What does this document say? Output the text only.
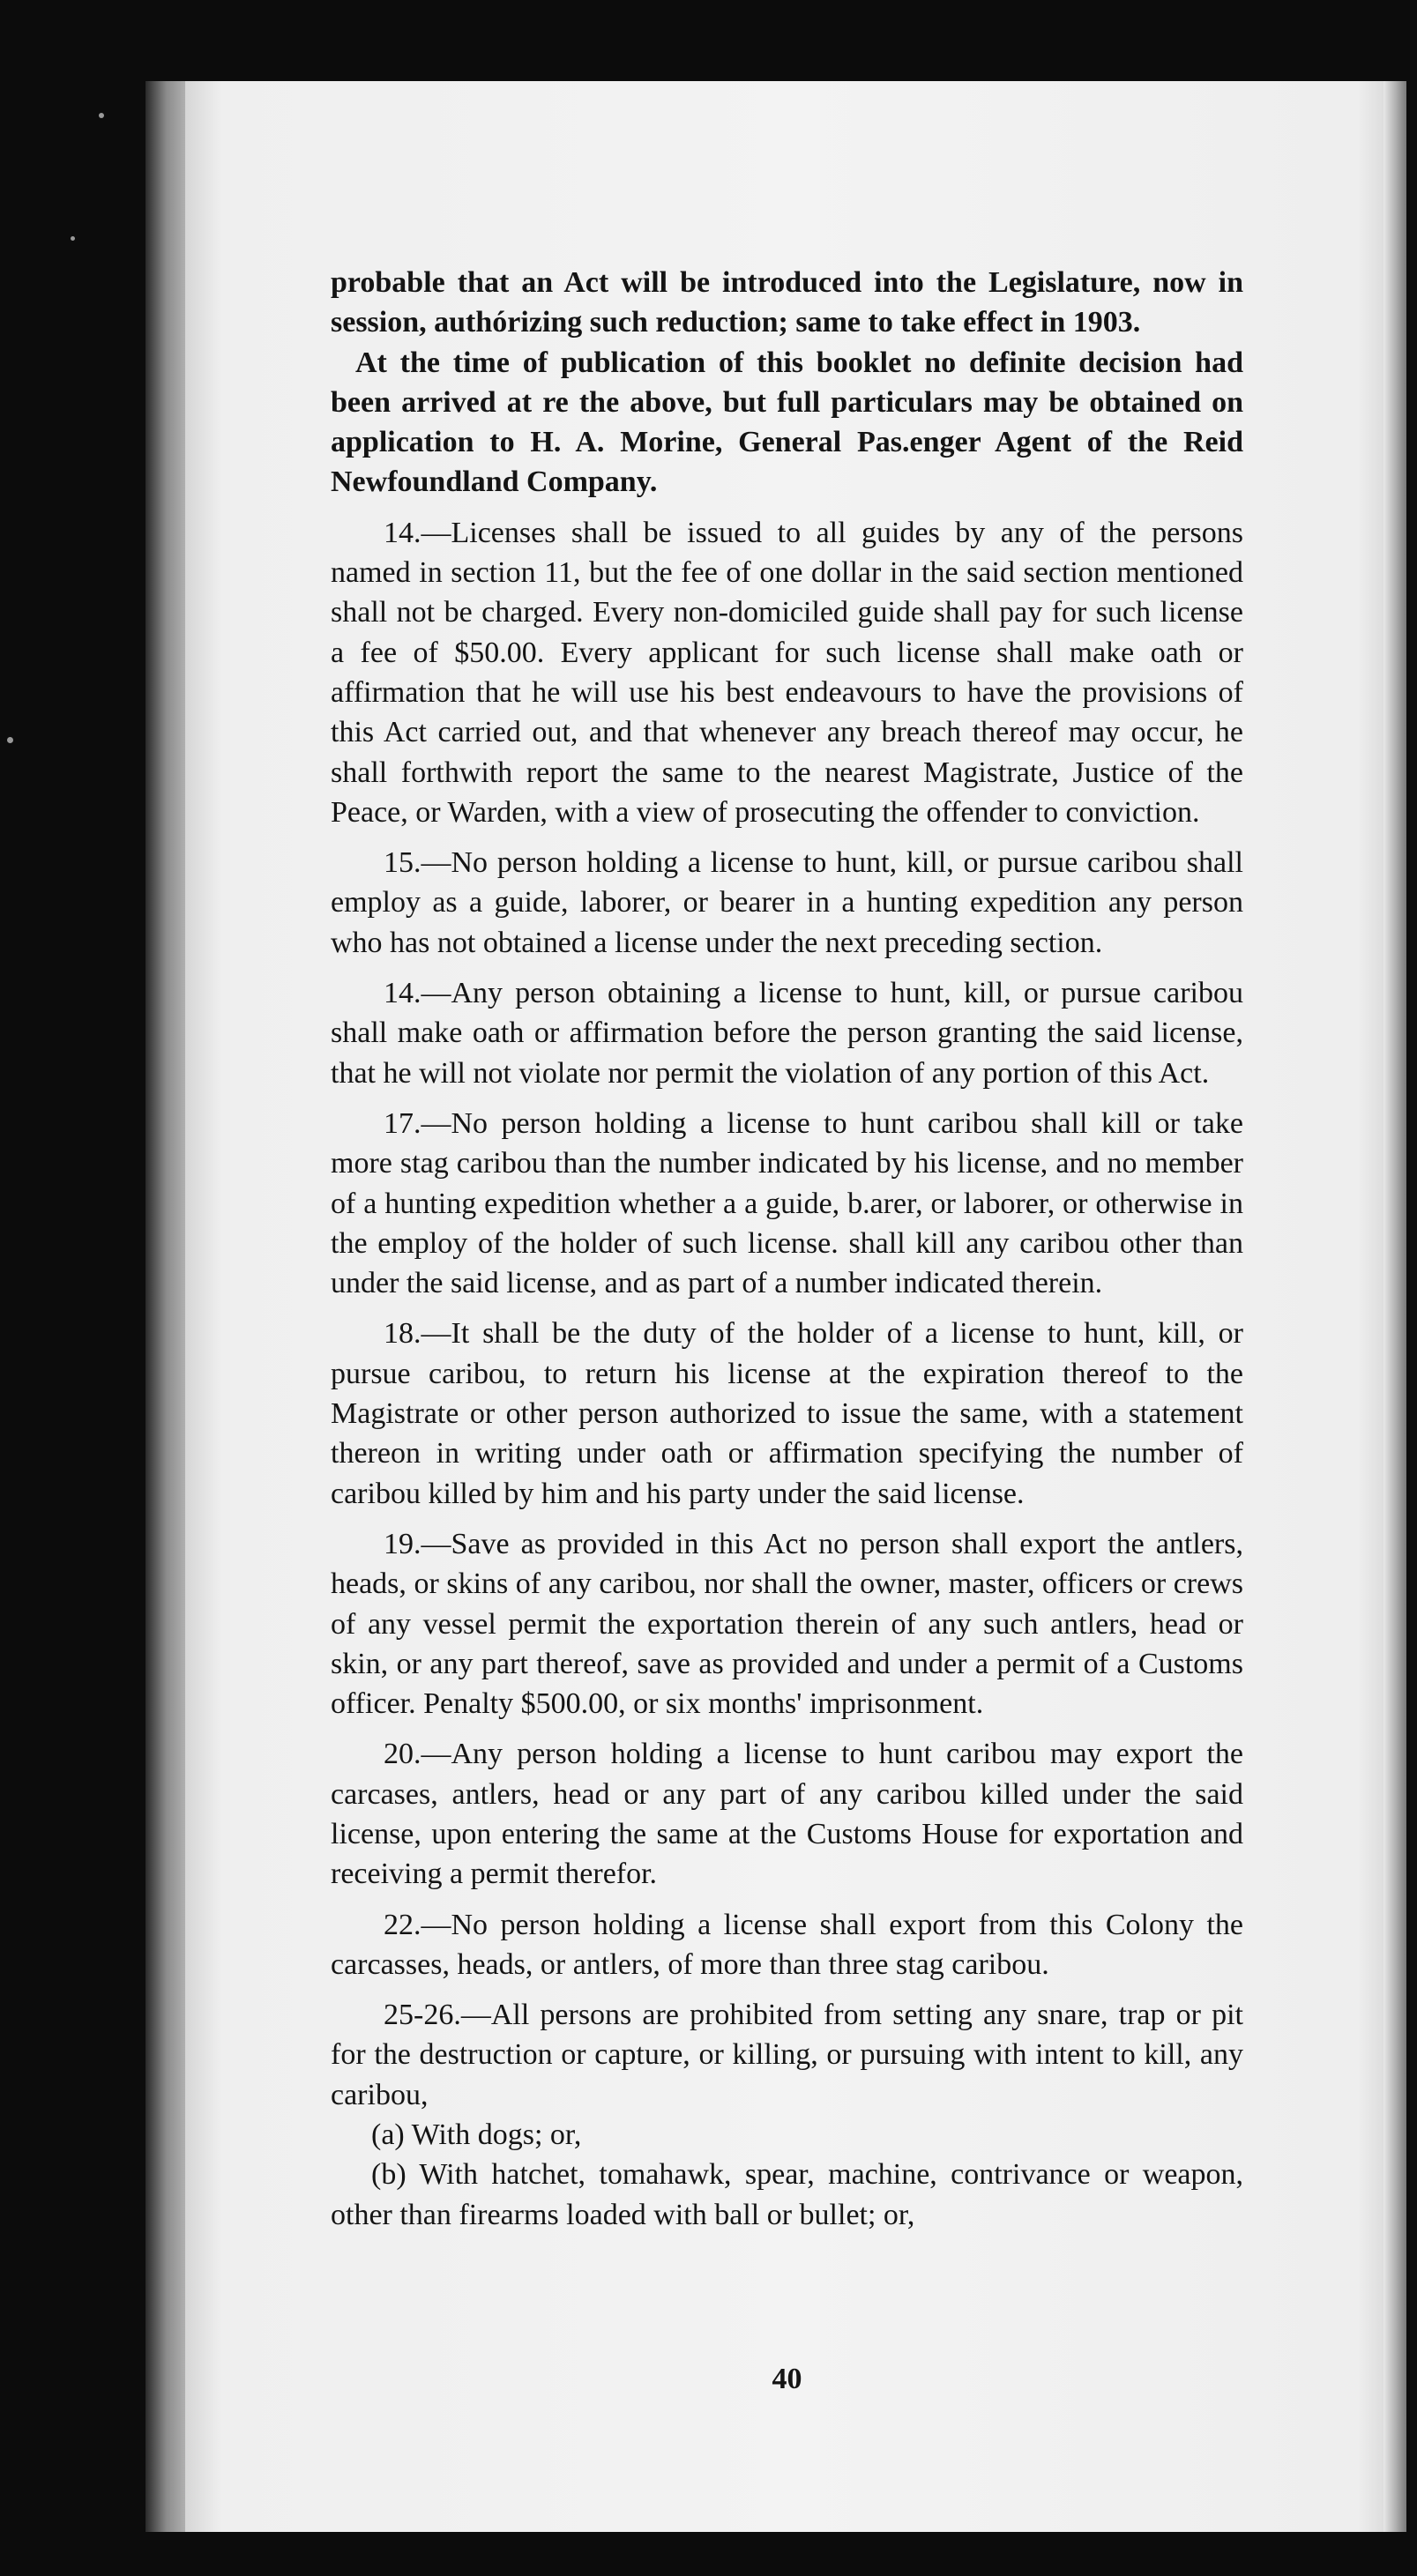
probable that an Act will be introduced into the Legislature, now in session, authórizing such reduction; same to take effect in 1903.

At the time of publication of this booklet no definite decision had been arrived at re the above, but full particulars may be obtained on application to H. A. Morine, General Pas.enger Agent of the Reid Newfoundland Company.

14.—Licenses shall be issued to all guides by any of the persons named in section 11, but the fee of one dollar in the said section mentioned shall not be charged. Every non-domiciled guide shall pay for such license a fee of $50.00. Every applicant for such license shall make oath or affirmation that he will use his best endeavours to have the provisions of this Act carried out, and that whenever any breach thereof may occur, he shall forthwith report the same to the nearest Magistrate, Justice of the Peace, or Warden, with a view of prosecuting the offender to conviction.

15.—No person holding a license to hunt, kill, or pursue caribou shall employ as a guide, laborer, or bearer in a hunting expedition any person who has not obtained a license under the next preceding section.

14.—Any person obtaining a license to hunt, kill, or pursue caribou shall make oath or affirmation before the person granting the said license, that he will not violate nor permit the violation of any portion of this Act.

17.—No person holding a license to hunt caribou shall kill or take more stag caribou than the number indicated by his license, and no member of a hunting expedition whether a a guide, b.arer, or laborer, or otherwise in the employ of the holder of such license. shall kill any caribou other than under the said license, and as part of a number indicated therein.

18.—It shall be the duty of the holder of a license to hunt, kill, or pursue caribou, to return his license at the expiration thereof to the Magistrate or other person authorized to issue the same, with a statement thereon in writing under oath or affirmation specifying the number of caribou killed by him and his party under the said license.

19.—Save as provided in this Act no person shall export the antlers, heads, or skins of any caribou, nor shall the owner, master, officers or crews of any vessel permit the exportation therein of any such antlers, head or skin, or any part thereof, save as provided and under a permit of a Customs officer. Penalty $500.00, or six months' imprisonment.

20.—Any person holding a license to hunt caribou may export the carcases, antlers, head or any part of any caribou killed under the said license, upon entering the same at the Customs House for exportation and receiving a permit therefor.

22.—No person holding a license shall export from this Colony the carcasses, heads, or antlers, of more than three stag caribou.

25-26.—All persons are prohibited from setting any snare, trap or pit for the destruction or capture, or killing, or pursuing with intent to kill, any caribou,

(a) With dogs; or,

(b) With hatchet, tomahawk, spear, machine, contrivance or weapon, other than firearms loaded with ball or bullet; or,

40
